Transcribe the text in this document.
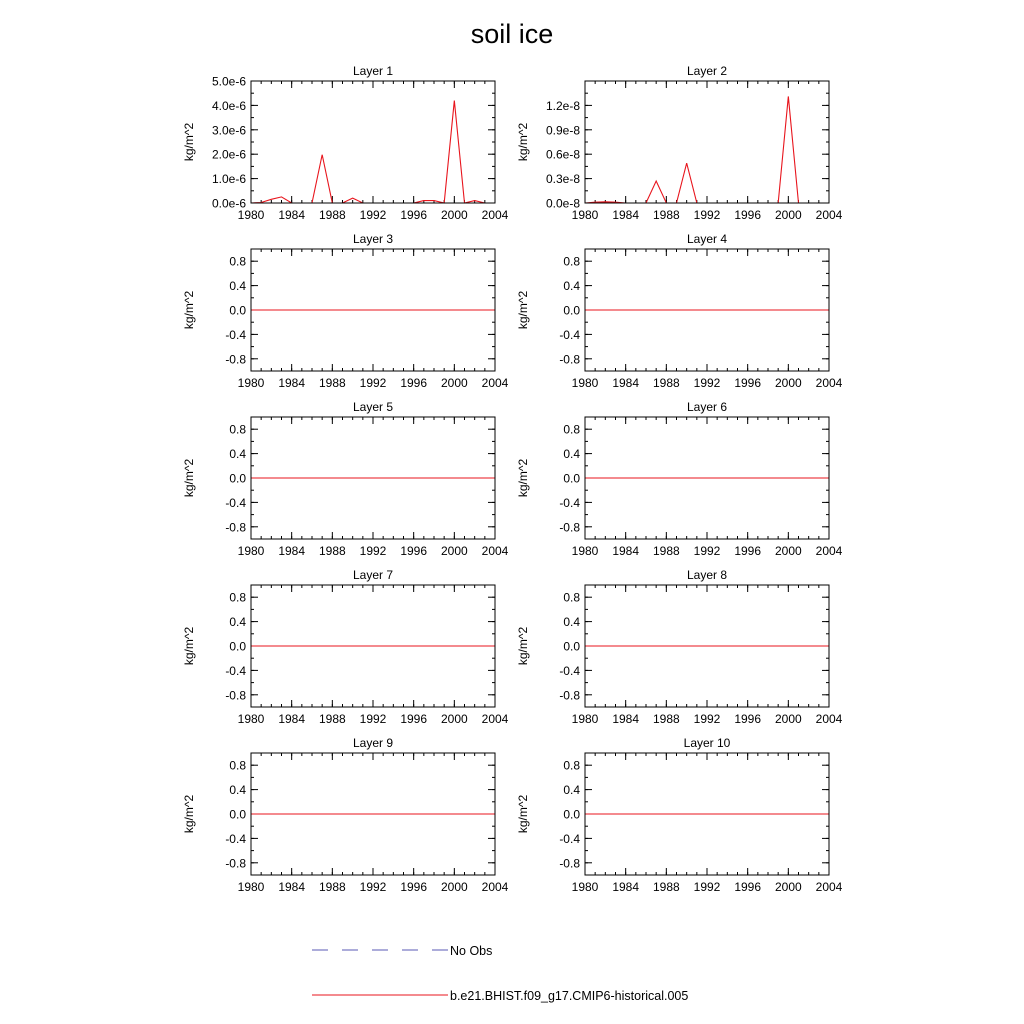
soil ice
Layer 1
1980 1984 1988 1992 1996 2000 2004
0.0e-6
1.0e-6
2.0e-6
3.0e-6
4.0e-6
5.0e-6
kg/m^2
Layer 2
1980 1984 1988 1992 1996 2000 2004
0.0e-8
0.3e-8
0.6e-8
0.9e-8
1.2e-8
kg/m^2
Layer 3
1980 1984 1988 1992 1996 2000 2004
-0.8
-0.4
0.0
0.4
0.8
kg/m^2
Layer 4
1980 1984 1988 1992 1996 2000 2004
-0.8
-0.4
0.0
0.4
0.8
kg/m^2
Layer 5
1980 1984 1988 1992 1996 2000 2004
-0.8
-0.4
0.0
0.4
0.8
kg/m^2
Layer 6
1980 1984 1988 1992 1996 2000 2004
-0.8
-0.4
0.0
0.4
0.8
kg/m^2
Layer 7
1980 1984 1988 1992 1996 2000 2004
-0.8
-0.4
0.0
0.4
0.8
kg/m^2
Layer 8
1980 1984 1988 1992 1996 2000 2004
-0.8
-0.4
0.0
0.4
0.8
kg/m^2
Layer 9
1980 1984 1988 1992 1996 2000 2004
-0.8
-0.4
0.0
0.4
0.8
kg/m^2
Layer 10
1980 1984 1988 1992 1996 2000 2004
-0.8
-0.4
0.0
0.4
0.8
kg/m^2
No Obs
b.e21.BHIST.f09_g17.CMIP6-historical.005
